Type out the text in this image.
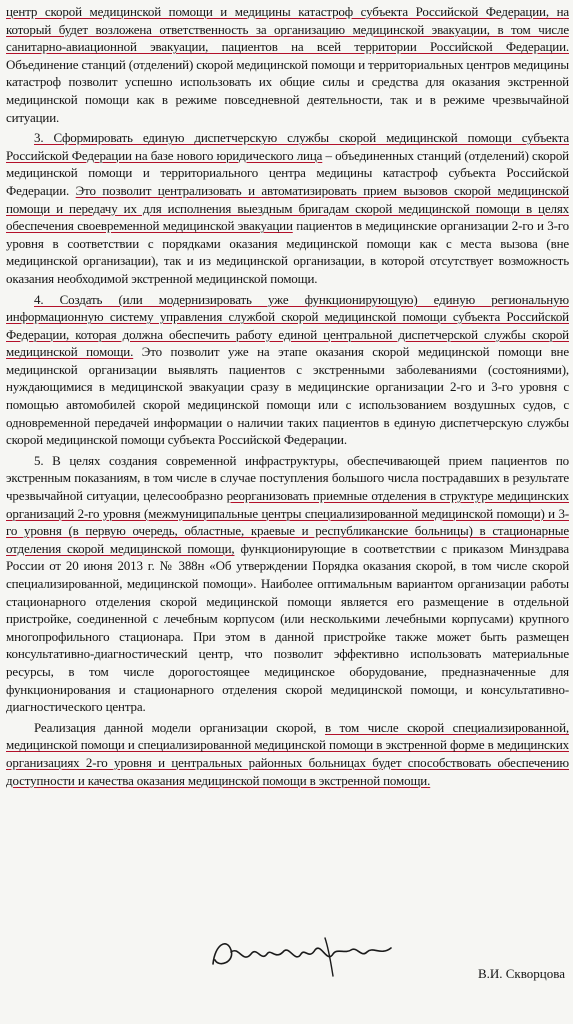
центр скорой медицинской помощи и медицины катастроф субъекта Российской Федерации, на который будет возложена ответственность за организацию медицинской эвакуации, в том числе санитарно-авиационной эвакуации, пациентов на всей территории Российской Федерации. Объединение станций (отделений) скорой медицинской помощи и территориальных центров медицины катастроф позволит успешно использовать их общие силы и средства для оказания экстренной медицинской помощи как в режиме повседневной деятельности, так и в режиме чрезвычайной ситуации.

3. Сформировать единую диспетчерскую службы скорой медицинской помощи субъекта Российской Федерации на базе нового юридического лица – объединенных станций (отделений) скорой медицинской помощи и территориального центра медицины катастроф субъекта Российской Федерации. Это позволит централизовать и автоматизировать прием вызовов скорой медицинской помощи и передачу их для исполнения выездным бригадам скорой медицинской помощи в целях обеспечения своевременной медицинской эвакуации пациентов в медицинские организации 2-го и 3-го уровня в соответствии с порядками оказания медицинской помощи как с места вызова (вне медицинской организации), так и из медицинской организации, в которой отсутствует возможность оказания необходимой экстренной медицинской помощи.

4. Создать (или модернизировать уже функционирующую) единую региональную информационную систему управления службой скорой медицинской помощи субъекта Российской Федерации, которая должна обеспечить работу единой центральной диспетчерской службы скорой медицинской помощи. Это позволит уже на этапе оказания скорой медицинской помощи вне медицинской организации выявлять пациентов с экстренными заболеваниями (состояниями), нуждающимися в медицинской эвакуации сразу в медицинские организации 2-го и 3-го уровня с помощью автомобилей скорой медицинской помощи или с использованием воздушных судов, с одновременной передачей информации о наличии таких пациентов в единую диспетчерскую службы скорой медицинской помощи субъекта Российской Федерации.

5. В целях создания современной инфраструктуры, обеспечивающей прием пациентов по экстренным показаниям, в том числе в случае поступления большого числа пострадавших в результате чрезвычайной ситуации, целесообразно реорганизовать приемные отделения в структуре медицинских организаций 2-го уровня (межмуниципальные центры специализированной медицинской помощи) и 3-го уровня (в первую очередь, областные, краевые и республиканские больницы) в стационарные отделения скорой медицинской помощи, функционирующие в соответствии с приказом Минздрава России от 20 июня 2013 г. № 388н «Об утверждении Порядка оказания скорой, в том числе скорой специализированной, медицинской помощи». Наиболее оптимальным вариантом организации работы стационарного отделения скорой медицинской помощи является его размещение в отдельной пристройке, соединенной с лечебным корпусом (или несколькими лечебными корпусами) крупного многопрофильного стационара. При этом в данной пристройке также может быть размещен консультативно-диагностический центр, что позволит эффективно использовать материальные ресурсы, в том числе дорогостоящее медицинское оборудование, предназначенные для функционирования и стационарного отделения скорой медицинской помощи, и консультативно-диагностического центра.

Реализация данной модели организации скорой, в том числе скорой специализированной, медицинской помощи и специализированной медицинской помощи в экстренной форме в медицинских организациях 2-го уровня и центральных районных больницах будет способствовать обеспечению доступности и качества оказания медицинской помощи в экстренной помощи.

В.И. Скворцова
